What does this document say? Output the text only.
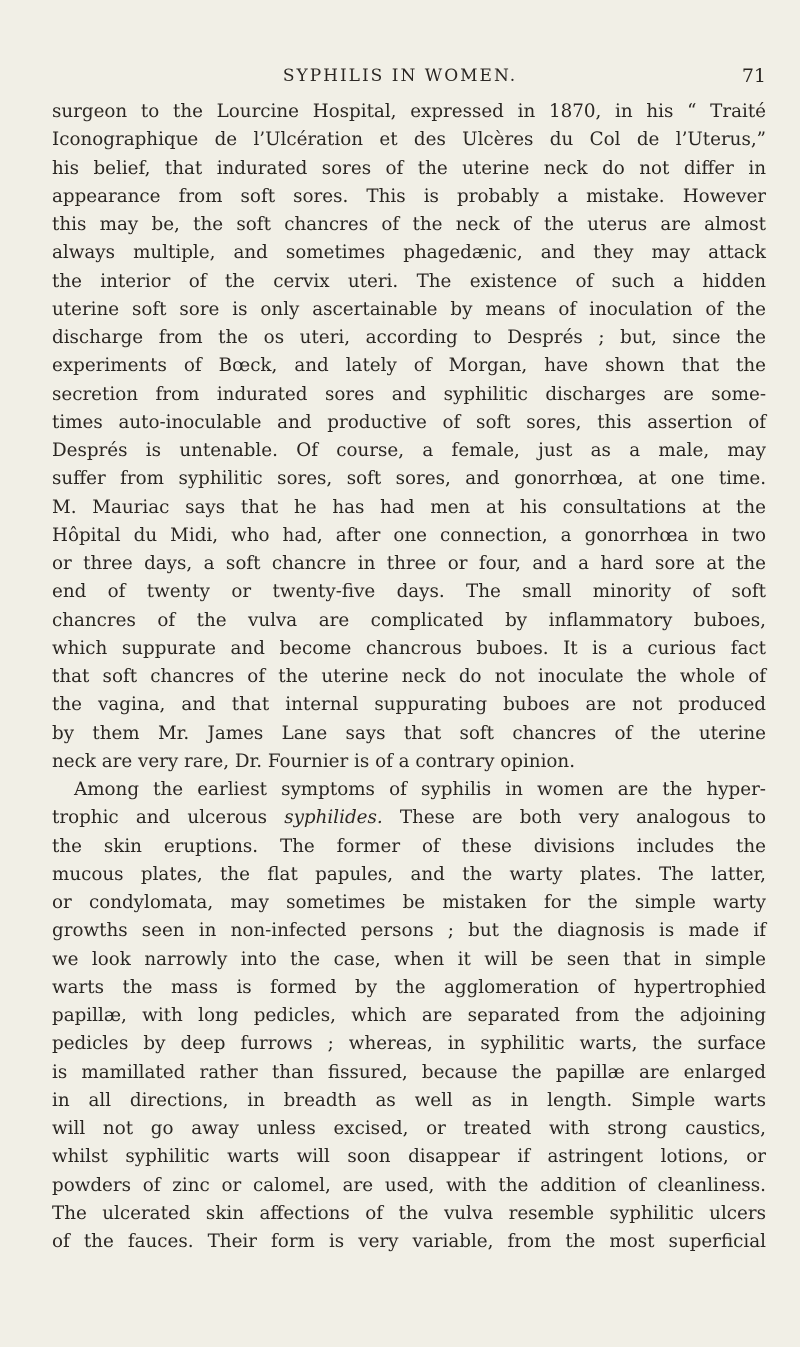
SYPHILIS IN WOMEN.	71
surgeon to the Lourcine Hospital, expressed in 1870, in his “ Traité
Iconographique de l’Ulcération et des Ulcères du Col de l’Uterus,”
his belief, that indurated sores of the uterine neck do not differ in
appearance from soft sores. This is probably a mistake. However
this may be, the soft chancres of the neck of the uterus are almost
always multiple, and sometimes phagedænic, and they may attack
the interior of the cervix uteri. The existence of such a hidden
uterine soft sore is only ascertainable by means of inoculation of the
discharge from the os uteri, according to Després ; but, since the
experiments of Bœck, and lately of Morgan, have shown that the
secretion from indurated sores and syphilitic discharges are some-
times auto-inoculable and productive of soft sores, this assertion of
Després is untenable. Of course, a female, just as a male, may
suffer from syphilitic sores, soft sores, and gonorrhœa, at one time.
M. Mauriac says that he has had men at his consultations at the
Hôpital du Midi, who had, after one connection, a gonorrhœa in two
or three days, a soft chancre in three or four, and a hard sore at the
end of twenty or twenty-five days. The small minority of soft
chancres of the vulva are complicated by inflammatory buboes,
which suppurate and become chancrous buboes. It is a curious fact
that soft chancres of the uterine neck do not inoculate the whole of
the vagina, and that internal suppurating buboes are not produced
by them Mr. James Lane says that soft chancres of the uterine
neck are very rare, Dr. Fournier is of a contrary opinion.
Among the earliest symptoms of syphilis in women are the hyper-
trophic and ulcerous syphilides. These are both very analogous to
the skin eruptions. The former of these divisions includes the
mucous plates, the flat papules, and the warty plates. The latter,
or condylomata, may sometimes be mistaken for the simple warty
growths seen in non-infected persons ; but the diagnosis is made if
we look narrowly into the case, when it will be seen that in simple
warts the mass is formed by the agglomeration of hypertrophied
papillæ, with long pedicles, which are separated from the adjoining
pedicles by deep furrows ; whereas, in syphilitic warts, the surface
is mamillated rather than fissured, because the papillæ are enlarged
in all directions, in breadth as well as in length. Simple warts
will not go away unless excised, or treated with strong caustics,
whilst syphilitic warts will soon disappear if astringent lotions, or
powders of zinc or calomel, are used, with the addition of cleanliness.
The ulcerated skin affections of the vulva resemble syphilitic ulcers
of the fauces. Their form is very variable, from the most superficial
